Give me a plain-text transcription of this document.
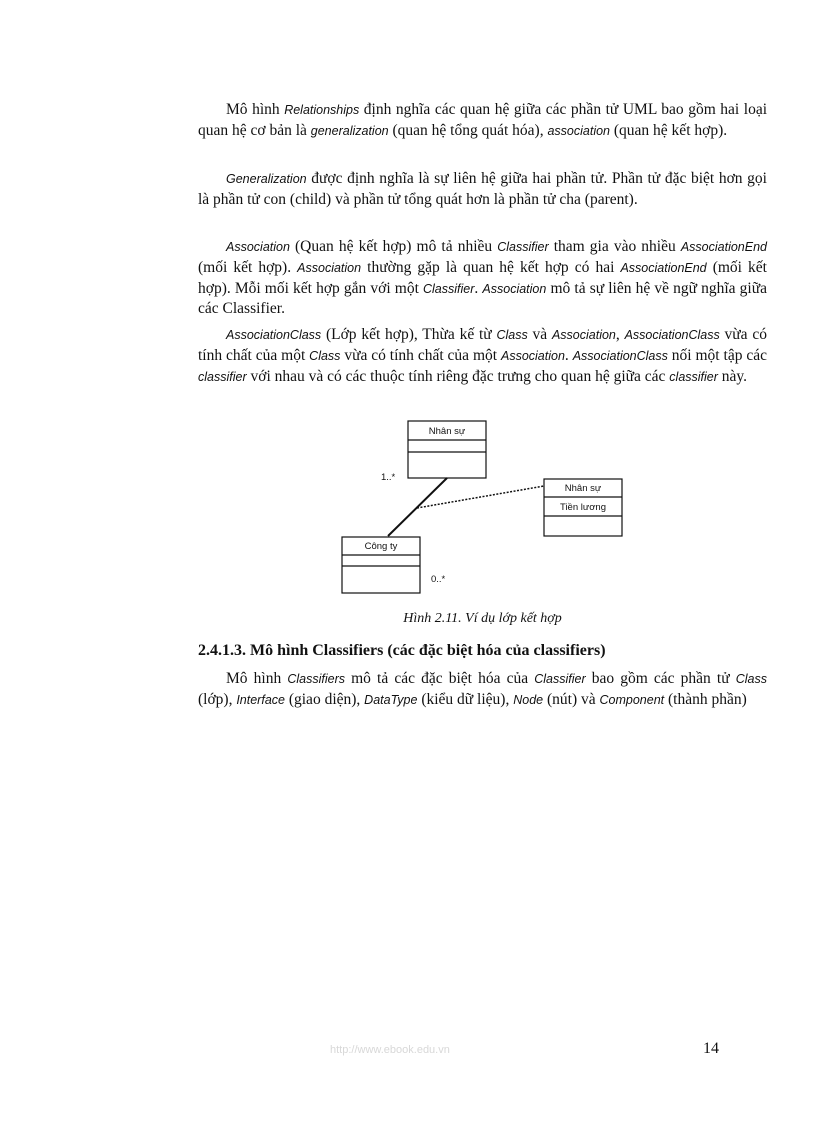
Mô hình Relationships định nghĩa các quan hệ giữa các phần tử UML bao gồm hai loại quan hệ cơ bản là generalization (quan hệ tổng quát hóa), association (quan hệ kết hợp).

Generalization được định nghĩa là sự liên hệ giữa hai phần tử. Phần tử đặc biệt hơn gọi là phần tử con (child) và phần tử tổng quát hơn là phần tử cha (parent).

Association (Quan hệ kết hợp) mô tả nhiều Classifier tham gia vào nhiều AssociationEnd (mối kết hợp). Association thường gặp là quan hệ kết hợp có hai AssociationEnd (mối kết hợp). Mỗi mối kết hợp gắn với một Classifier. Association mô tả sự liên hệ về ngữ nghĩa giữa các Classifier.

AssociationClass (Lớp kết hợp), Thừa kế từ Class và Association, AssociationClass vừa có tính chất của một Class vừa có tính chất của một Association. AssociationClass nối một tập các classifier với nhau và có các thuộc tính riêng đặc trưng cho quan hệ giữa các classifier này.

Nhân sự
Công ty
Nhân sự
Tiền lương
1..*
0..*
Hình 2.11. Ví dụ lớp kết hợp
2.4.1.3. Mô hình Classifiers (các đặc biệt hóa của classifiers)

Mô hình Classifiers mô tả các đặc biệt hóa của Classifier bao gồm các phần tử Class (lớp), Interface (giao diện), DataType (kiểu dữ liệu), Node (nút) và Component (thành phần)

http://www.ebook.edu.vn	14
